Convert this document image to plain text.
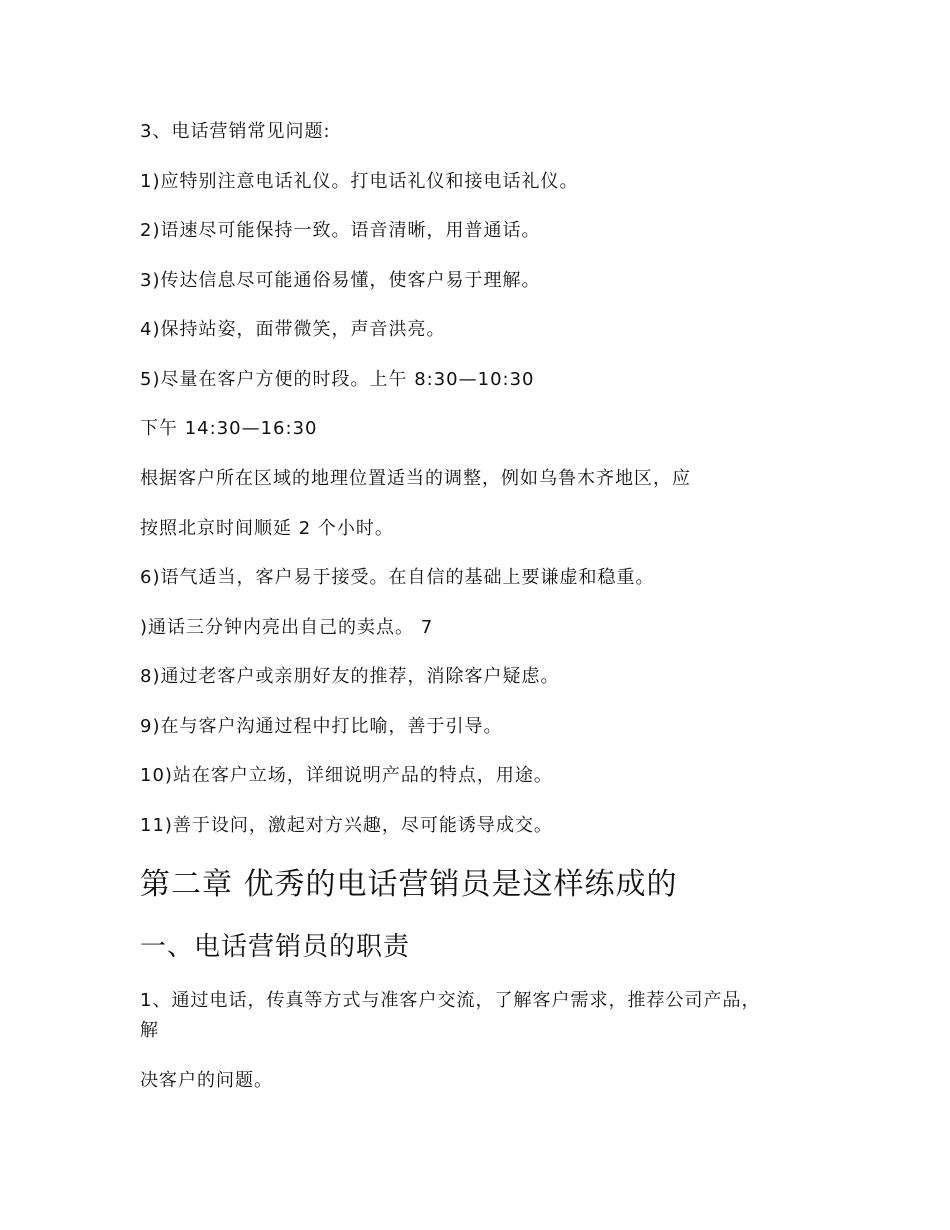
3、电话营销常见问题:
1)应特别注意电话礼仪。打电话礼仪和接电话礼仪。
2)语速尽可能保持一致。语音清晰，用普通话。
3)传达信息尽可能通俗易懂，使客户易于理解。
4)保持站姿，面带微笑，声音洪亮。
5)尽量在客户方便的时段。上午 8:30—10:30
下午 14:30—16:30
根据客户所在区域的地理位置适当的调整，例如乌鲁木齐地区，应
按照北京时间顺延 2 个小时。
6)语气适当，客户易于接受。在自信的基础上要谦虚和稳重。
)通话三分钟内亮出自己的卖点。 7
8)通过老客户或亲朋好友的推荐，消除客户疑虑。
9)在与客户沟通过程中打比喻，善于引导。
10)站在客户立场，详细说明产品的特点，用途。
11)善于设问，激起对方兴趣，尽可能诱导成交。
第二章 优秀的电话营销员是这样练成的
一、电话营销员的职责
1、通过电话，传真等方式与准客户交流，了解客户需求，推荐公司产品，
解
决客户的问题。
